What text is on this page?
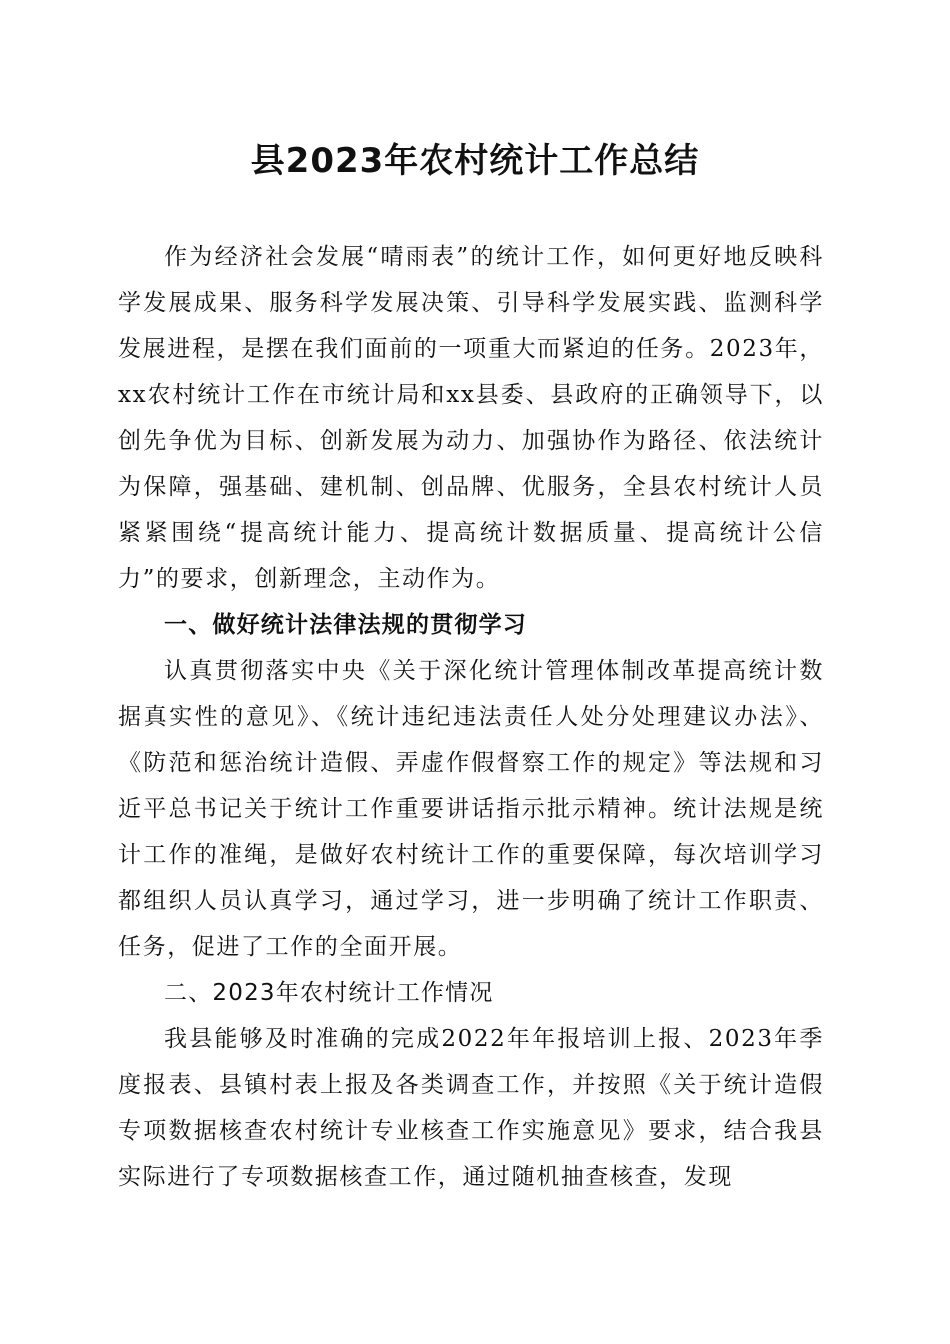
县2023年农村统计工作总结

作为经济社会发展“晴雨表”的统计工作，如何更好地反映科学发展成果、服务科学发展决策、引导科学发展实践、监测科学发展进程，是摆在我们面前的一项重大而紧迫的任务。2023年，xx农村统计工作在市统计局和xx县委、县政府的正确领导下，以创先争优为目标、创新发展为动力、加强协作为路径、依法统计为保障，强基础、建机制、创品牌、优服务，全县农村统计人员紧紧围绕“提高统计能力、提高统计数据质量、提高统计公信力”的要求，创新理念，主动作为。

一、做好统计法律法规的贯彻学习

认真贯彻落实中央《关于深化统计管理体制改革提高统计数据真实性的意见》、《统计违纪违法责任人处分处理建议办法》、《防范和惩治统计造假、弄虚作假督察工作的规定》等法规和习近平总书记关于统计工作重要讲话指示批示精神。统计法规是统计工作的准绳，是做好农村统计工作的重要保障，每次培训学习都组织人员认真学习，通过学习，进一步明确了统计工作职责、任务，促进了工作的全面开展。

二、2023年农村统计工作情况

我县能够及时准确的完成2022年年报培训上报、2023年季度报表、县镇村表上报及各类调查工作，并按照《关于统计造假专项数据核查农村统计专业核查工作实施意见》要求，结合我县实际进行了专项数据核查工作，通过随机抽查核查，发现
